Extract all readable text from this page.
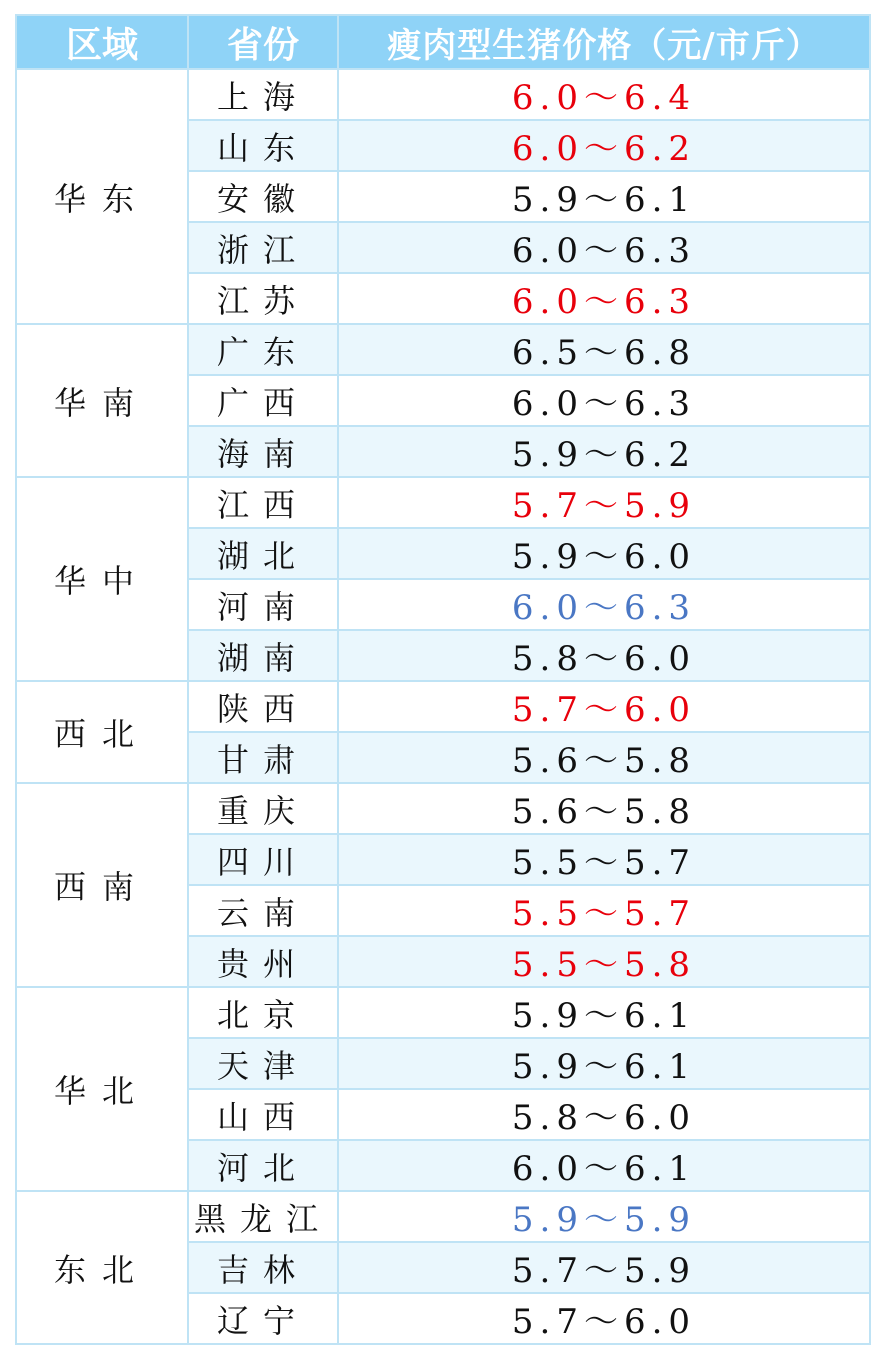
区域	省份	瘦肉型生猪价格（元/市斤）
华东	上海	6.0～6.4
	山东	6.0～6.2
	安徽	5.9～6.1
	浙江	6.0～6.3
	江苏	6.0～6.3
华南	广东	6.5～6.8
	广西	6.0～6.3
	海南	5.9～6.2
华中	江西	5.7～5.9
	湖北	5.9～6.0
	河南	6.0～6.3
	湖南	5.8～6.0
西北	陕西	5.7～6.0
	甘肃	5.6～5.8
西南	重庆	5.6～5.8
	四川	5.5～5.7
	云南	5.5～5.7
	贵州	5.5～5.8
华北	北京	5.9～6.1
	天津	5.9～6.1
	山西	5.8～6.0
	河北	6.0～6.1
东北	黑龙江	5.9～5.9
	吉林	5.7～5.9
	辽宁	5.7～6.0
